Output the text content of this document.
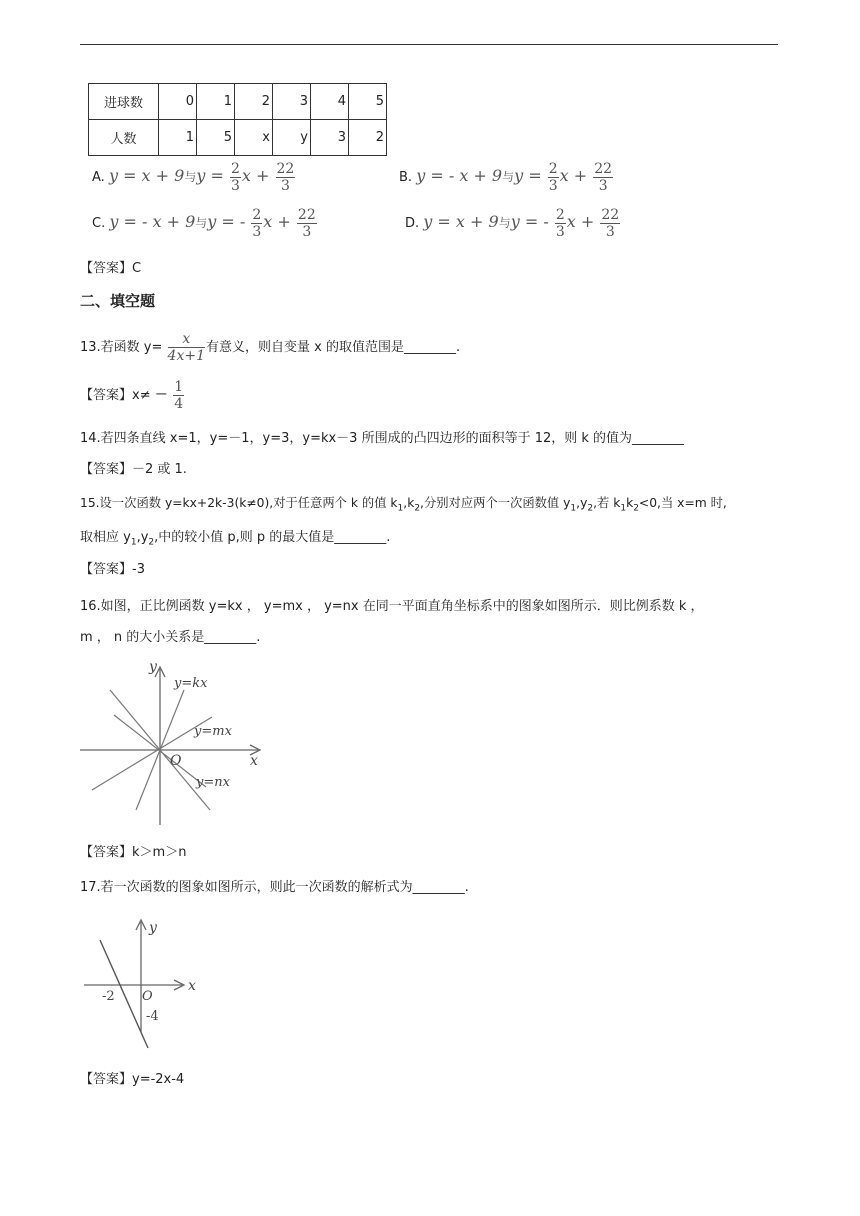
进球数	0	1	2	3	4	5
人数	1	5	x	y	3	2
A. y = x + 9与$y = \frac{2}{3}$ $x + \frac{22}{3}$	B. y = - x + 9与$y = \frac{2}{3}$ $x + \frac{22}{3}$
C. y = - x + 9与y = - $\frac{2}{3}$ $x + \frac{22}{3}$	D. y = x + 9与y = - $\frac{2}{3}$ $x + \frac{22}{3}$
【答案】C
二、填空题
13.若函数 $y= \frac{x}{4x+1}$ 有意义，则自变量 x 的取值范围是________.
【答案】$x\ne - \frac{1}{4}$
14.若四条直线 x=1，y=－1，y=3，y=kx－3 所围成的凸四边形的面积等于 12，则 k 的值为________
【答案】－2 或 1.
15.设一次函数 y=kx+2k-3(k≠0),对于任意两个 k 的值 $k_1,k_2$,分别对应两个一次函数值 $y_1,y_2$,若 $k_1k_2<0$,当 x=m 时,
取相应 $y_1,y_2$,中的较小值 p,则 p 的最大值是________.
【答案】-3
16.如图，正比例函数 y=kx ， y=mx ， y=nx 在同一平面直角坐标系中的图象如图所示．则比例系数 k ，
m ， n 的大小关系是________.
y
x
O
y=kx
y=mx
y=nx
【答案】k＞m＞n
17.若一次函数的图象如图所示，则此一次函数的解析式为________.
y
x
O
-2
-4
【答案】y=-2x-4
